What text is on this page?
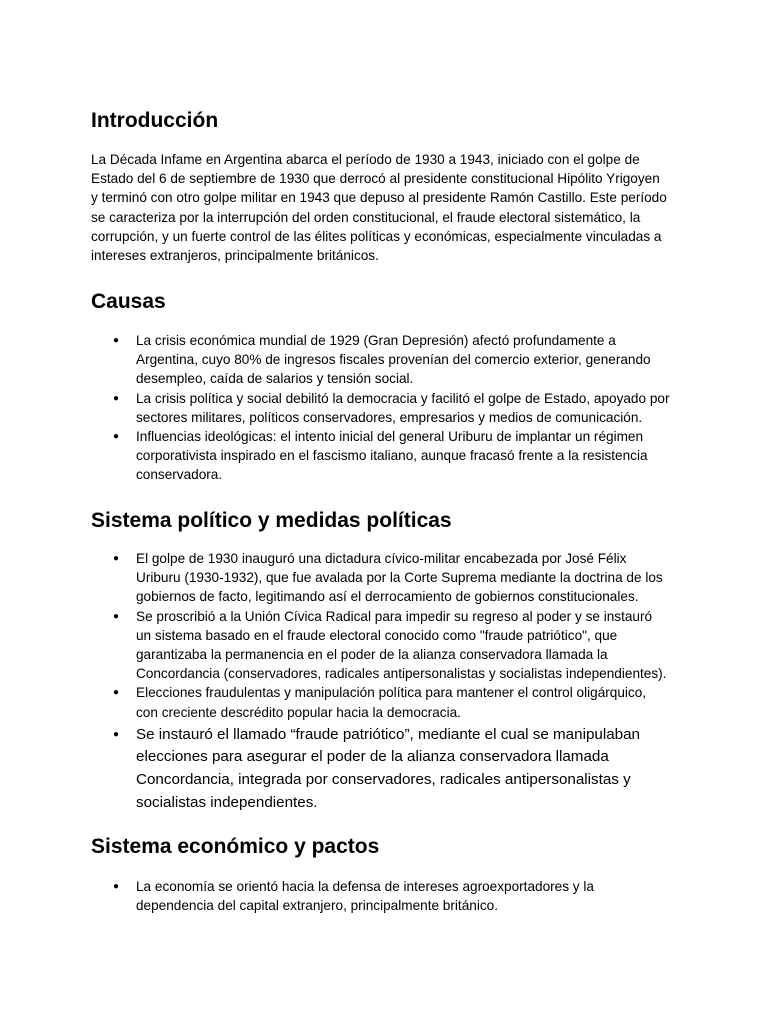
Introducción
La Década Infame en Argentina abarca el período de 1930 a 1943, iniciado con el golpe de
Estado del 6 de septiembre de 1930 que derrocó al presidente constitucional Hipólito Yrigoyen
y terminó con otro golpe militar en 1943 que depuso al presidente Ramón Castillo. Este período
se caracteriza por la interrupción del orden constitucional, el fraude electoral sistemático, la
corrupción, y un fuerte control de las élites políticas y económicas, especialmente vinculadas a
intereses extranjeros, principalmente británicos.
Causas
● La crisis económica mundial de 1929 (Gran Depresión) afectó profundamente a
Argentina, cuyo 80% de ingresos fiscales provenían del comercio exterior, generando
desempleo, caída de salarios y tensión social.
● La crisis política y social debilitó la democracia y facilitó el golpe de Estado, apoyado por
sectores militares, políticos conservadores, empresarios y medios de comunicación.
● Influencias ideológicas: el intento inicial del general Uriburu de implantar un régimen
corporativista inspirado en el fascismo italiano, aunque fracasó frente a la resistencia
conservadora.
Sistema político y medidas políticas
● El golpe de 1930 inauguró una dictadura cívico-militar encabezada por José Félix
Uriburu (1930-1932), que fue avalada por la Corte Suprema mediante la doctrina de los
gobiernos de facto, legitimando así el derrocamiento de gobiernos constitucionales.
● Se proscribió a la Unión Cívica Radical para impedir su regreso al poder y se instauró
un sistema basado en el fraude electoral conocido como "fraude patriótico", que
garantizaba la permanencia en el poder de la alianza conservadora llamada la
Concordancia (conservadores, radicales antipersonalistas y socialistas independientes).
● Elecciones fraudulentas y manipulación política para mantener el control oligárquico,
con creciente descrédito popular hacia la democracia.
● Se instauró el llamado “fraude patriótico”, mediante el cual se manipulaban
elecciones para asegurar el poder de la alianza conservadora llamada
Concordancia, integrada por conservadores, radicales antipersonalistas y
socialistas independientes.
Sistema económico y pactos
● La economía se orientó hacia la defensa de intereses agroexportadores y la
dependencia del capital extranjero, principalmente británico.
